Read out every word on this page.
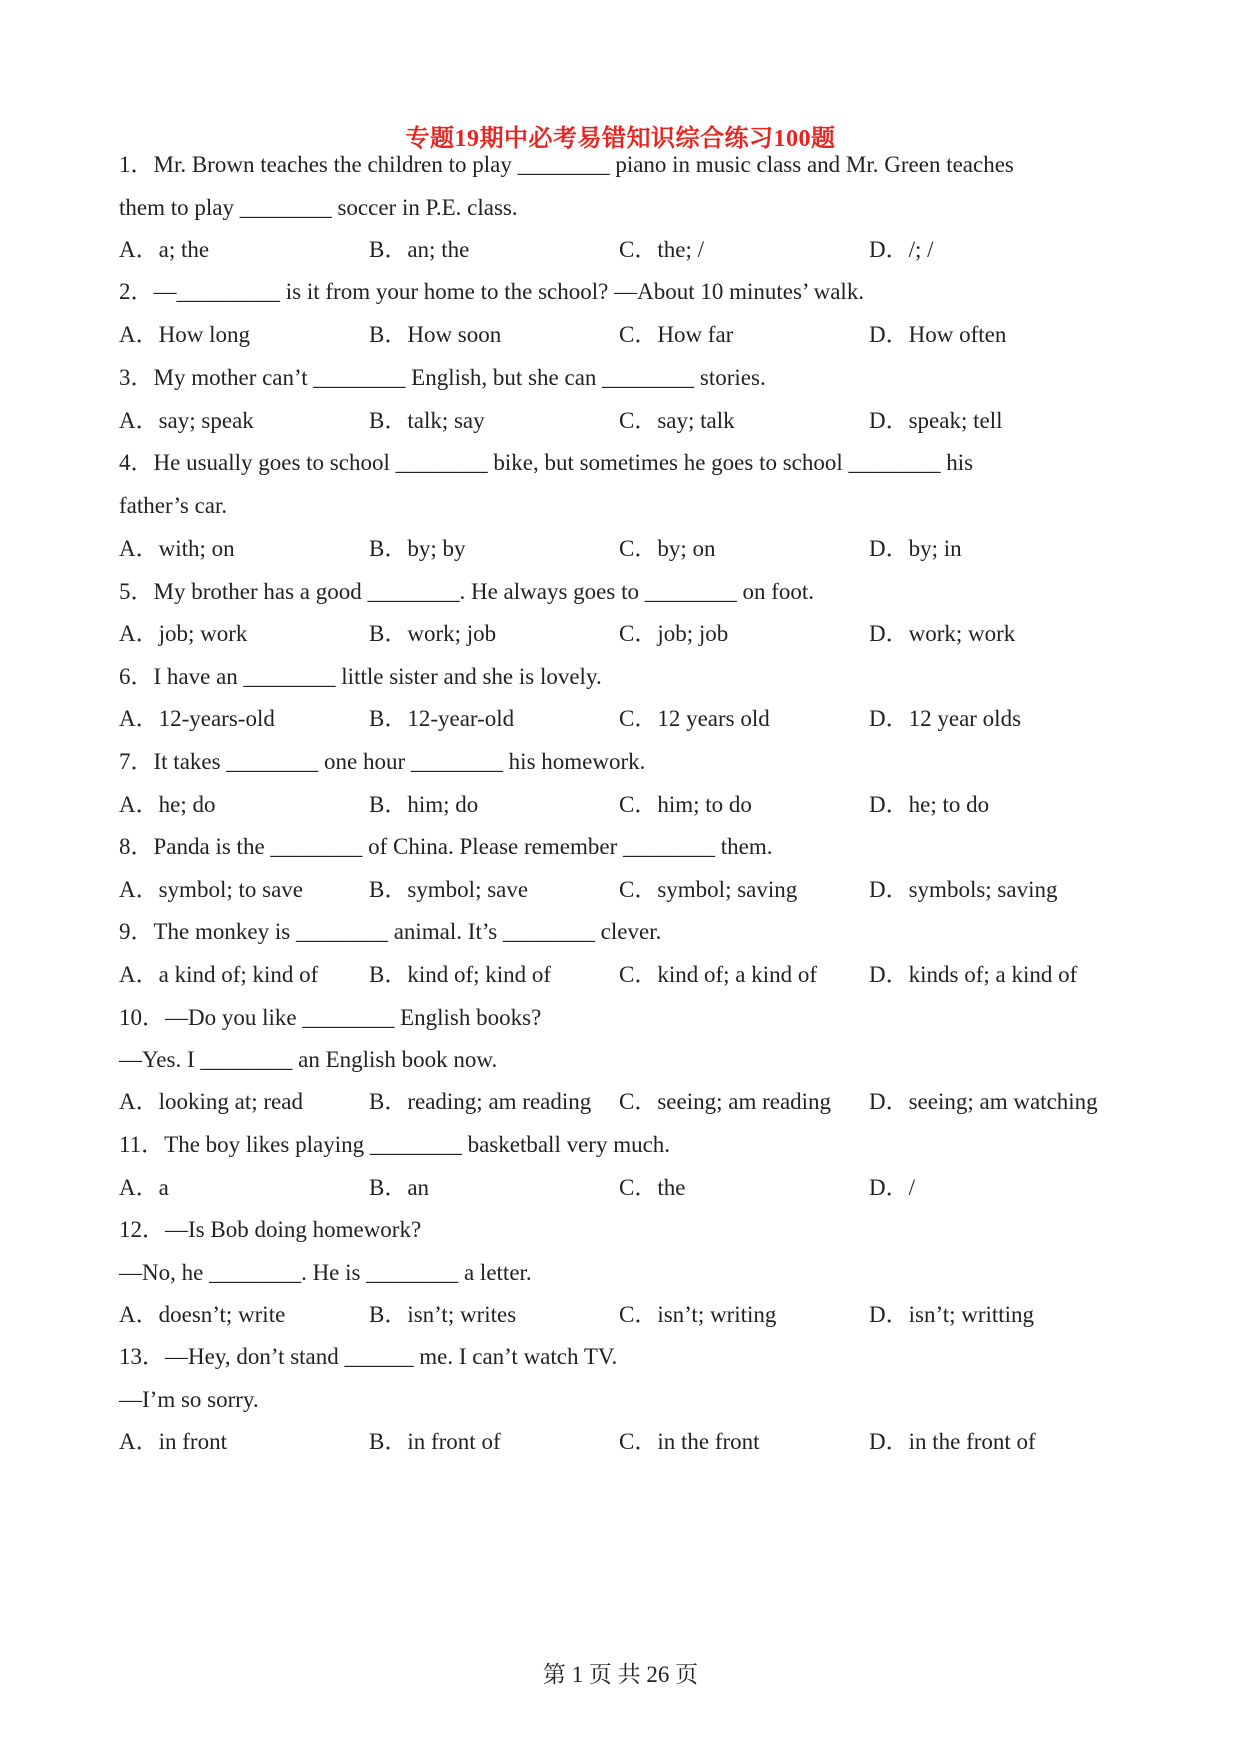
专题19期中必考易错知识综合练习100题
1．Mr. Brown teaches the children to play ________ piano in music class and Mr. Green teaches
them to play ________ soccer in P.E. class.
A．a; the	B．an; the	C．the; /	D．/; /
2．—_________ is it from your home to the school? —About 10 minutes’ walk.
A．How long	B．How soon	C．How far	D．How often
3．My mother can’t ________ English, but she can ________ stories.
A．say; speak	B．talk; say	C．say; talk	D．speak; tell
4．He usually goes to school ________ bike, but sometimes he goes to school ________ his
father’s car.
A．with; on	B．by; by	C．by; on	D．by; in
5．My brother has a good ________. He always goes to ________ on foot.
A．job; work	B．work; job	C．job; job	D．work; work
6．I have an ________ little sister and she is lovely.
A．12-years-old	B．12-year-old	C．12 years old	D．12 year olds
7．It takes ________ one hour ________ his homework.
A．he; do	B．him; do	C．him; to do	D．he; to do
8．Panda is the ________ of China. Please remember ________ them.
A．symbol; to save	B．symbol; save	C．symbol; saving	D．symbols; saving
9．The monkey is ________ animal. It’s ________ clever.
A．a kind of; kind of B．kind of; kind of	C．kind of; a kind of D．kinds of; a kind of
10．—Do you like ________ English books?
—Yes. I ________ an English book now.
A．looking at; read	B．reading; am reading C．seeing; am reading D．seeing; am watching
11．The boy likes playing ________ basketball very much.
A．a	B．an	C．the	D．/
12．—Is Bob doing homework?
—No, he ________. He is ________ a letter.
A．doesn’t; write	B．isn’t; writes	C．isn’t; writing	D．isn’t; writting
13．—Hey, don’t stand ______ me. I can’t watch TV.
—I’m so sorry.
A．in front	B．in front of	C．in the front	D．in the front of
第 1 页 共 26 页
